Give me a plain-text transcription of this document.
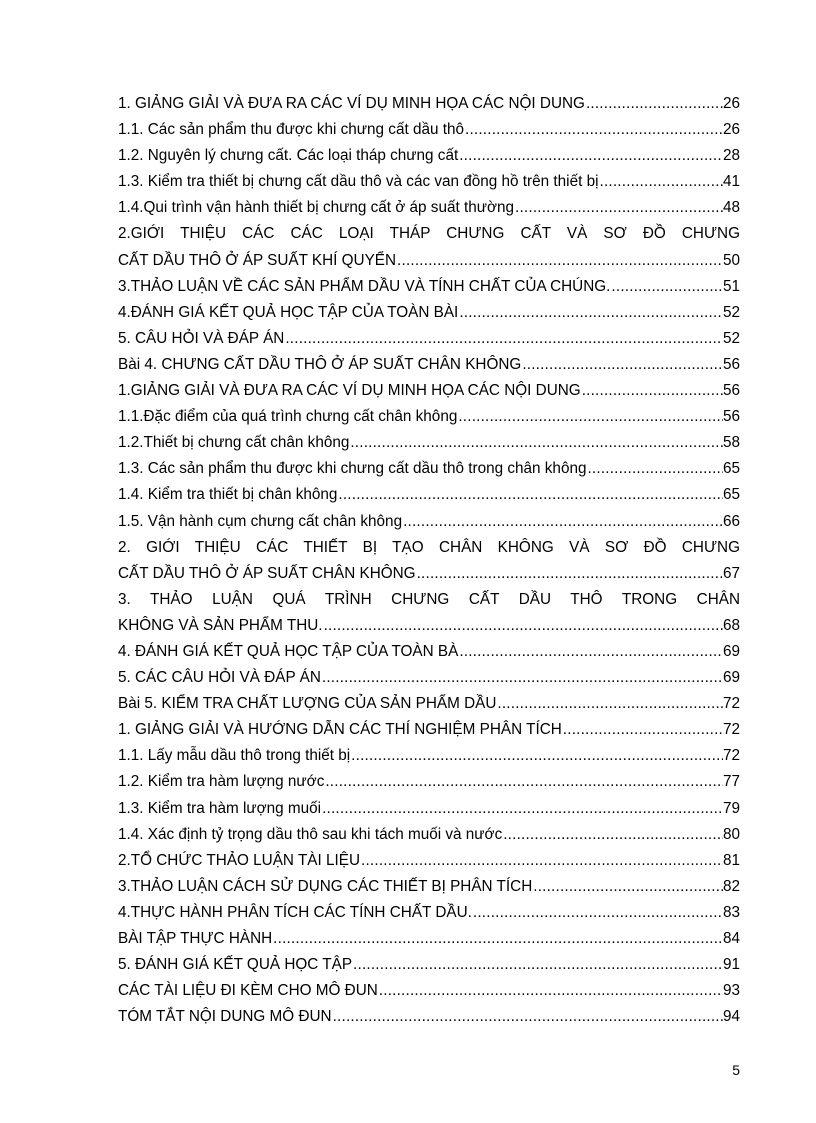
1. GIẢNG GIẢI VÀ ĐƯA RA CÁC VÍ DỤ MINH HỌA CÁC NỘI DUNG .....	26
1.1. Các sản phẩm thu được khi chưng cất dầu thô .....	26
1.2. Nguyên lý chưng cất. Các loại tháp chưng cất .....	28
1.3. Kiểm tra thiết bị chưng cất dầu thô và các van đồng hồ trên thiết bị .....	41
1.4.Qui trình vận hành thiết bị chưng cất ở áp suất thường .....	48
2.GIỚI THIỆU CÁC CÁC LOẠI THÁP CHƯNG CẤT VÀ SƠ ĐỒ CHƯNG
CẤT DẦU THÔ Ở ÁP SUẤT KHÍ QUYỂN .....	50
3.THẢO LUẬN VỀ CÁC SẢN PHẨM DẦU VÀ TÍNH CHẤT CỦA CHÚNG. .....	51
4.ĐÁNH GIÁ KẾT QUẢ HỌC TẬP CỦA TOÀN BÀI .....	52
5. CÂU HỎI VÀ ĐÁP ÁN .....	52
Bài 4. CHƯNG CẤT DẦU THÔ Ở ÁP SUẤT CHÂN KHÔNG .....	56
1.GIẢNG GIẢI VÀ ĐƯA RA CÁC VÍ DỤ MINH HỌA CÁC NỘI DUNG .....	56
1.1.Đặc điểm của quá trình chưng cất chân không .....	56
1.2.Thiết bị chưng cất chân không .....	58
1.3. Các sản phẩm thu được khi chưng cất dầu thô trong chân không .....	65
1.4. Kiểm tra thiết bị chân không .....	65
1.5. Vận hành cụm chưng cất chân không .....	66
2. GIỚI THIỆU CÁC THIẾT BỊ TẠO CHÂN KHÔNG VÀ SƠ ĐỒ CHƯNG
CẤT DẦU THÔ Ở ÁP SUẤT CHÂN KHÔNG .....	67
3. THẢO LUẬN QUÁ TRÌNH CHƯNG CẤT DẦU THÔ TRONG CHÂN
KHÔNG VÀ SẢN PHẨM THU. .....	68
4. ĐÁNH GIÁ KẾT QUẢ HỌC TẬP CỦA TOÀN BÀ .....	69
5. CÁC CÂU HỎI VÀ ĐÁP ÁN .....	69
Bài 5. KIỂM TRA CHẤT LƯỢNG CỦA SẢN PHẨM DẦU .....	72
1. GIẢNG GIẢI VÀ HƯỚNG DẪN CÁC THÍ NGHIỆM PHÂN TÍCH .....	72
1.1. Lấy mẫu dầu thô trong thiết bị .....	72
1.2. Kiểm tra hàm lượng nước .....	77
1.3. Kiểm tra hàm lượng muối .....	79
1.4. Xác định tỷ trọng dầu thô sau khi tách muối và nước .....	80
2.TỔ CHỨC THẢO LUẬN TÀI LIỆU .....	81
3.THẢO LUẬN CÁCH SỬ DỤNG CÁC THIẾT BỊ PHÂN TÍCH .....	82
4.THỰC HÀNH PHÂN TÍCH CÁC TÍNH CHẤT DẦU. .....	83
BÀI TẬP THỰC HÀNH .....	84
5. ĐÁNH GIÁ KẾT QUẢ HỌC TẬP .....	91
CÁC TÀI LIỆU ĐI KÈM CHO MÔ ĐUN .....	93
TÓM TẮT NỘI DUNG MÔ ĐUN .....	94
5
